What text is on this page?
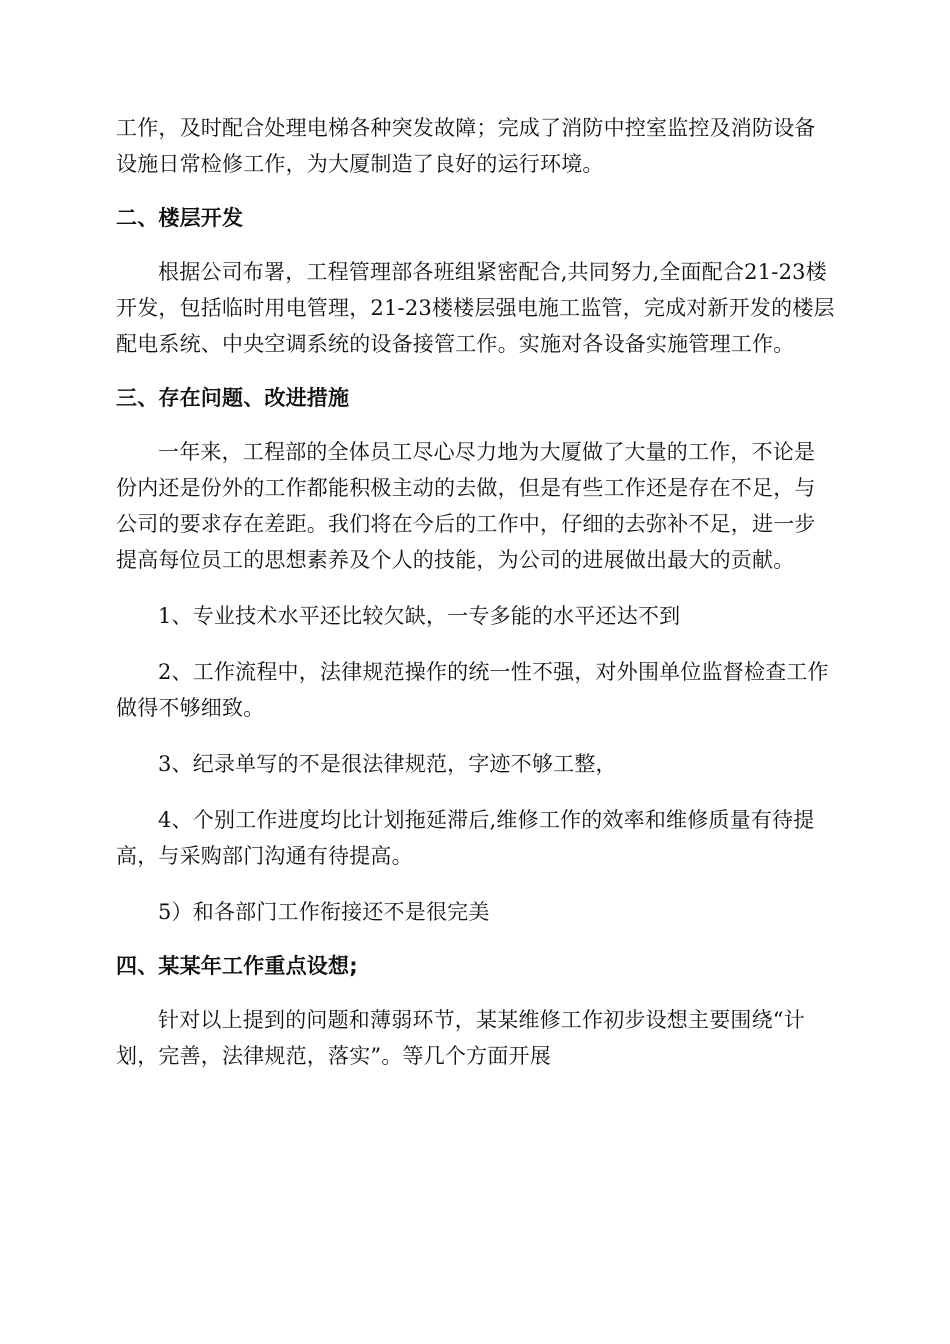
工作，及时配合处理电梯各种突发故障；完成了消防中控室监控及消防设备设施日常检修工作，为大厦制造了良好的运行环境。

二、楼层开发

根据公司布署，工程管理部各班组紧密配合,共同努力,全面配合21-23楼开发，包括临时用电管理，21-23楼楼层强电施工监管，完成对新开发的楼层配电系统、中央空调系统的设备接管工作。实施对各设备实施管理工作。

三、存在问题、改进措施

一年来，工程部的全体员工尽心尽力地为大厦做了大量的工作，不论是份内还是份外的工作都能积极主动的去做，但是有些工作还是存在不足，与公司的要求存在差距。我们将在今后的工作中，仔细的去弥补不足，进一步提高每位员工的思想素养及个人的技能，为公司的进展做出最大的贡献。

1、专业技术水平还比较欠缺，一专多能的水平还达不到

2、工作流程中，法律规范操作的统一性不强，对外围单位监督检查工作做得不够细致。

3、纪录单写的不是很法律规范，字迹不够工整，

4、个别工作进度均比计划拖延滞后,维修工作的效率和维修质量有待提高，与采购部门沟通有待提高。

5）和各部门工作衔接还不是很完美

四、某某年工作重点设想;

针对以上提到的问题和薄弱环节，某某维修工作初步设想主要围绕“计划，完善，法律规范，落实”。等几个方面开展
